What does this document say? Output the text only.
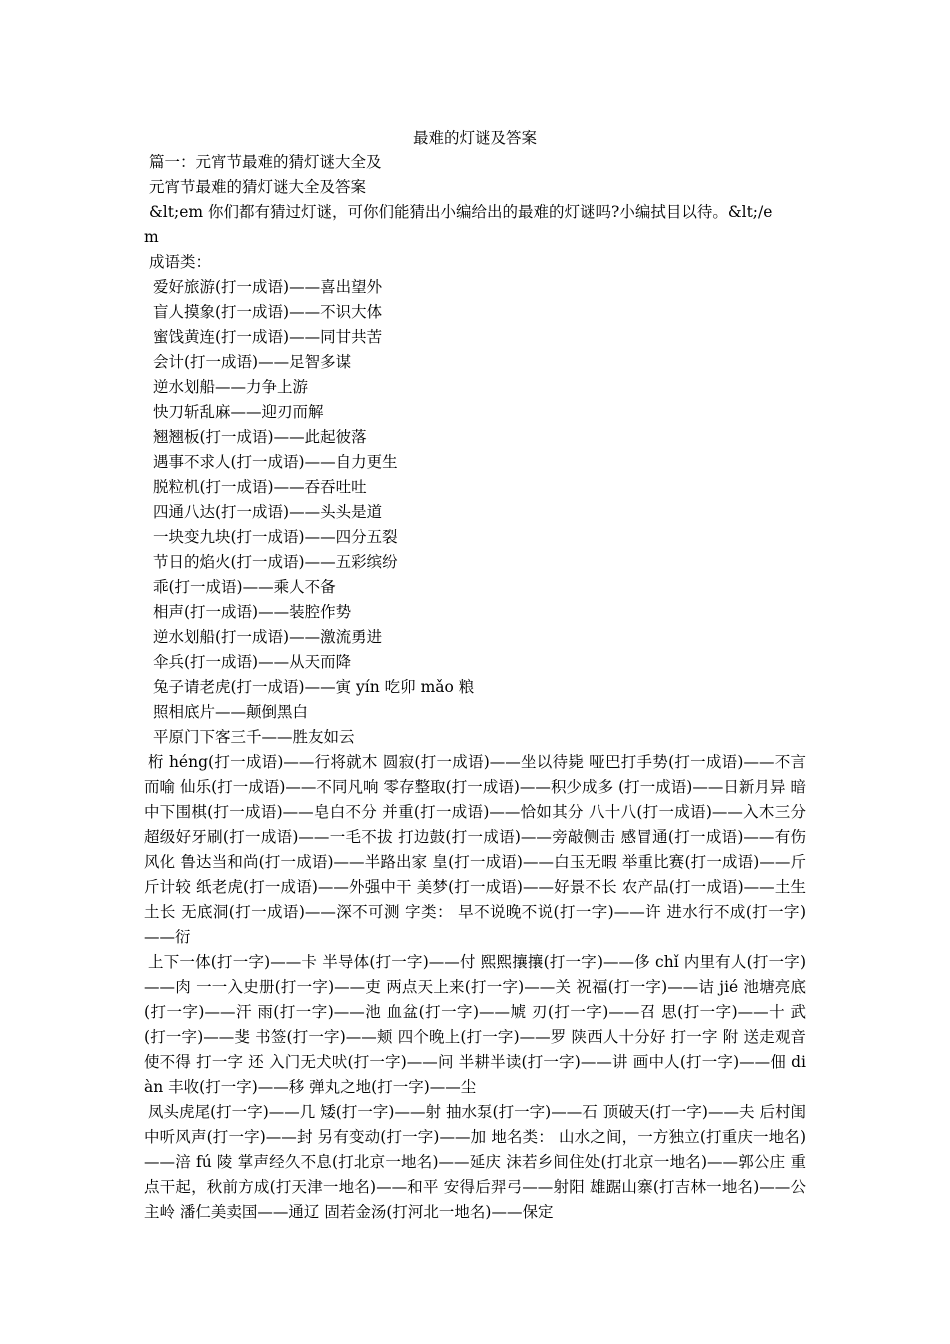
最难的灯谜及答案
篇一：元宵节最难的猜灯谜大全及
元宵节最难的猜灯谜大全及答案
&lt;em 你们都有猜过灯谜，可你们能猜出小编给出的最难的灯谜吗?小编拭目以待。&lt;/e
m
成语类：
爱好旅游(打一成语)——喜出望外
盲人摸象(打一成语)——不识大体
蜜饯黄连(打一成语)——同甘共苦
会计(打一成语)——足智多谋
逆水划船——力争上游
快刀斩乱麻——迎刃而解
翘翘板(打一成语)——此起彼落
遇事不求人(打一成语)——自力更生
脱粒机(打一成语)——吞吞吐吐
四通八达(打一成语)——头头是道
一块变九块(打一成语)——四分五裂
节日的焰火(打一成语)——五彩缤纷
乖(打一成语)——乘人不备
相声(打一成语)——装腔作势
逆水划船(打一成语)——激流勇进
伞兵(打一成语)——从天而降
兔子请老虎(打一成语)——寅 yín 吃卯 mǎo 粮
照相底片——颠倒黑白
平原门下客三千——胜友如云
桁 héng(打一成语)——行将就木 圆寂(打一成语)——坐以待毙 哑巴打手势(打一成语)——不言而喻 仙乐(打一成语)——不同凡响 零存整取(打一成语)——积少成多 (打一成语)——日新月异 暗中下围棋(打一成语)——皂白不分 并重(打一成语)——恰如其分 八十八(打一成语)——入木三分 超级好牙刷(打一成语)——一毛不拔 打边鼓(打一成语)——旁敲侧击 感冒通(打一成语)——有伤风化 鲁达当和尚(打一成语)——半路出家 皇(打一成语)——白玉无暇 举重比赛(打一成语)——斤斤计较 纸老虎(打一成语)——外强中干 美梦(打一成语)——好景不长 农产品(打一成语)——土生土长 无底洞(打一成语)——深不可测 字类： 早不说晚不说(打一字)——许 进水行不成(打一字)——衍
上下一体(打一字)——卡 半导体(打一字)——付 熙熙攘攘(打一字)——侈 chǐ 内里有人(打一字)——肉 一一入史册(打一字)——吏 两点天上来(打一字)——关 祝福(打一字)——诘 jié 池塘亮底(打一字)——汗 雨(打一字)——池 血盆(打一字)——虓 刃(打一字)——召 思(打一字)——十 武(打一字)——斐 书签(打一字)——颊 四个晚上(打一字)——罗 陕西人十分好 打一字 附 送走观音使不得 打一字 还 入门无犬吠(打一字)——问 半耕半读(打一字)——讲 画中人(打一字)——佃 diàn 丰收(打一字)——移 弹丸之地(打一字)——尘
凤头虎尾(打一字)——几 矮(打一字)——射 抽水泵(打一字)——石 顶破天(打一字)——夫 后村闺中听风声(打一字)——封 另有变动(打一字)——加 地名类： 山水之间，一方独立(打重庆一地名)——涪 fú 陵 掌声经久不息(打北京一地名)——延庆 沫若乡间住处(打北京一地名)——郭公庄 重点干起，秋前方成(打天津一地名)——和平 安得后羿弓——射阳 雄踞山寨(打吉林一地名)——公主岭 潘仁美卖国——通辽 固若金汤(打河北一地名)——保定
